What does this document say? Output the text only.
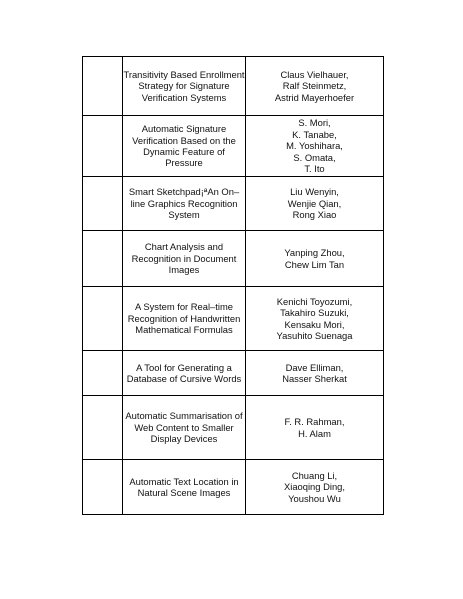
Transitivity Based Enrollment
Strategy for Signature
Verification Systems
Claus Vielhauer,
Ralf Steinmetz,
Astrid Mayerhoefer
Automatic Signature
Verification Based on the
Dynamic Feature of
Pressure
S. Mori,
K. Tanabe,
M. Yoshihara,
S. Omata,
T. Ito
Smart Sketchpad¡ªAn On–
line Graphics Recognition
System
Liu Wenyin,
Wenjie Qian,
Rong Xiao
Chart Analysis and
Recognition in Document
Images
Yanping Zhou,
Chew Lim Tan
A System for Real–time
Recognition of Handwritten
Mathematical Formulas
Kenichi Toyozumi,
Takahiro Suzuki,
Kensaku Mori,
Yasuhito Suenaga
A Tool for Generating a
Database of Cursive Words
Dave Elliman,
Nasser Sherkat
Automatic Summarisation of
Web Content to Smaller
Display Devices
F. R. Rahman,
H. Alam
Automatic Text Location in
Natural Scene Images
Chuang Li,
Xiaoqing Ding,
Youshou Wu
